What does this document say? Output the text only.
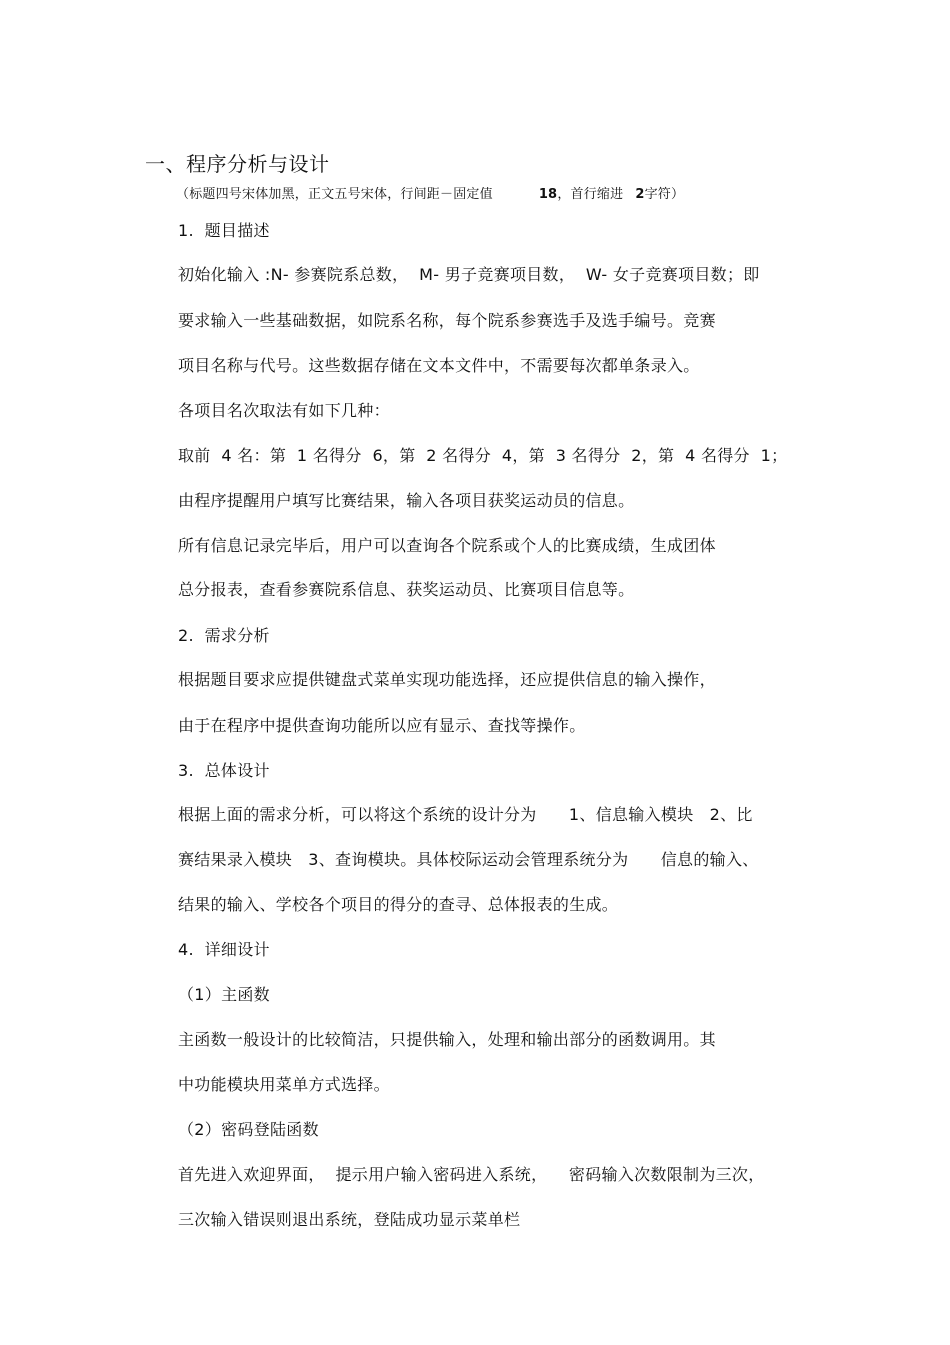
一、程序分析与设计
（标题四号宋体加黑，正文五号宋体，行间距－固定值	18，首行缩进 2字符）
1.  题目描述
初始化输入 :N- 参赛院系总数，  M- 男子竞赛项目数，  W- 女子竞赛项目数；即
要求输入一些基础数据，如院系名称，每个院系参赛选手及选手编号。竞赛
项目名称与代号。这些数据存储在文本文件中，不需要每次都单条录入。
各项目名次取法有如下几种：
取前  4 名：第  1 名得分  6，第  2 名得分  4，第  3 名得分  2，第  4 名得分  1；
由程序提醒用户填写比赛结果，输入各项目获奖运动员的信息。
所有信息记录完毕后，用户可以查询各个院系或个人的比赛成绩，生成团体
总分报表，查看参赛院系信息、获奖运动员、比赛项目信息等。
2.  需求分析
根据题目要求应提供键盘式菜单实现功能选择，还应提供信息的输入操作，
由于在程序中提供查询功能所以应有显示、查找等操作。
3.  总体设计
根据上面的需求分析，可以将这个系统的设计分为      1、信息输入模块   2、比
赛结果录入模块   3、查询模块。具体校际运动会管理系统分为      信息的输入、
结果的输入、学校各个项目的得分的查寻、总体报表的生成。
4.  详细设计
（1）主函数
主函数一般设计的比较简洁，只提供输入，处理和输出部分的函数调用。其
中功能模块用菜单方式选择。
（2）密码登陆函数
首先进入欢迎界面，  提示用户输入密码进入系统，    密码输入次数限制为三次，
三次输入错误则退出系统，登陆成功显示菜单栏
